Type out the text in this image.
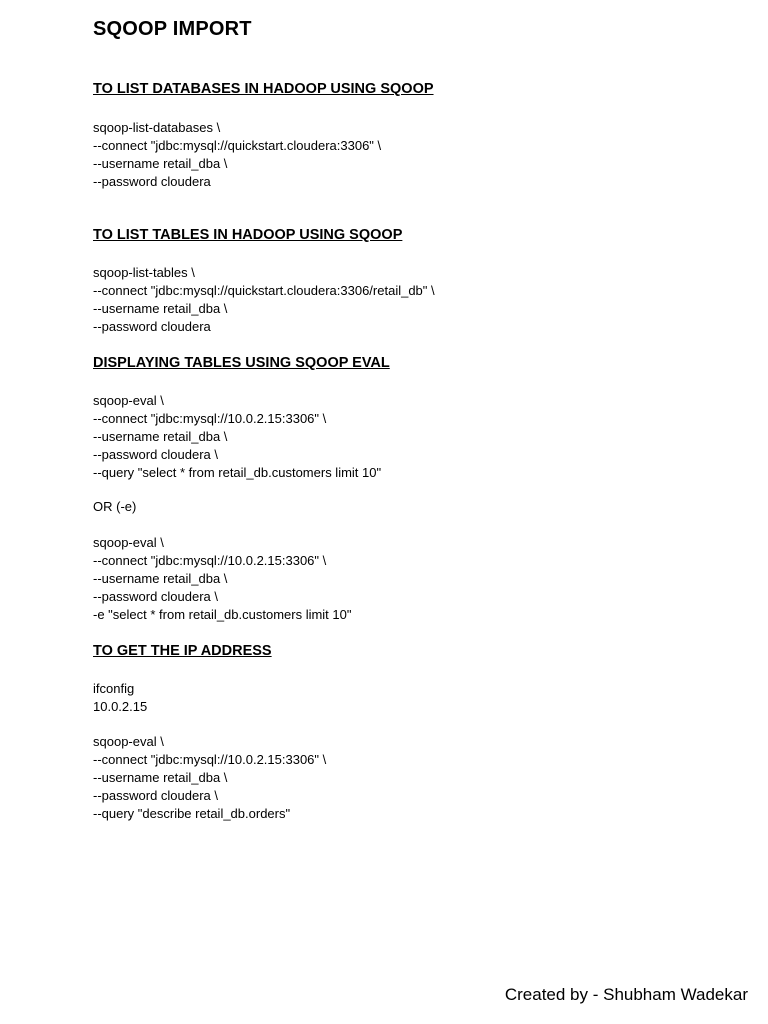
SQOOP IMPORT
TO LIST DATABASES IN HADOOP USING SQOOP
sqoop-list-databases \
--connect "jdbc:mysql://quickstart.cloudera:3306" \
--username retail_dba \
--password cloudera
TO LIST TABLES IN HADOOP USING SQOOP
sqoop-list-tables \
--connect "jdbc:mysql://quickstart.cloudera:3306/retail_db" \
--username retail_dba \
--password cloudera
DISPLAYING TABLES USING SQOOP EVAL
sqoop-eval \
--connect "jdbc:mysql://10.0.2.15:3306" \
--username retail_dba \
--password cloudera \
--query "select * from retail_db.customers limit 10"
OR (-e)
sqoop-eval \
--connect "jdbc:mysql://10.0.2.15:3306" \
--username retail_dba \
--password cloudera \
-e "select * from retail_db.customers limit 10"
TO GET THE IP ADDRESS
ifconfig
10.0.2.15
sqoop-eval \
--connect "jdbc:mysql://10.0.2.15:3306" \
--username retail_dba \
--password cloudera \
--query "describe retail_db.orders"
Created by - Shubham Wadekar
